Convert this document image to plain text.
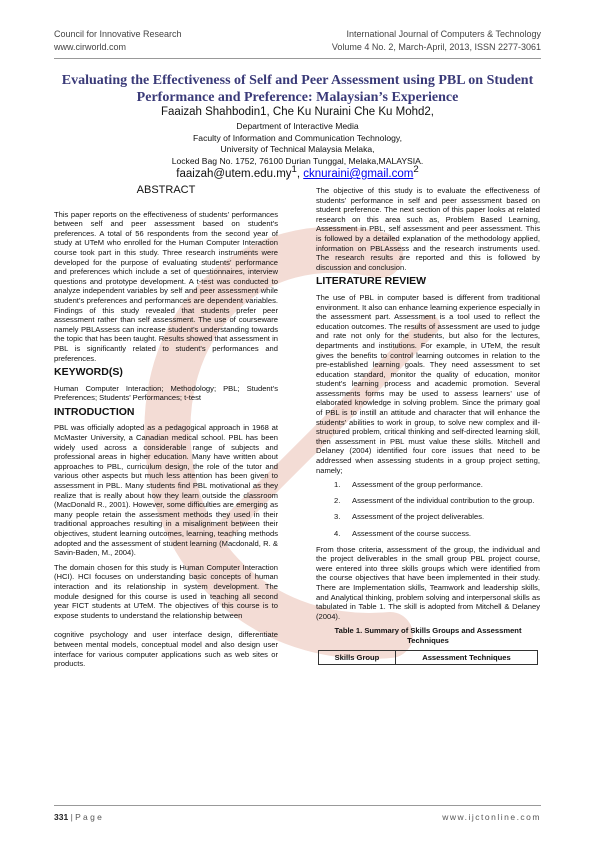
Council for Innovative Research
www.cirworld.com
International Journal of Computers & Technology
Volume 4 No. 2, March-April, 2013, ISSN 2277-3061
Evaluating the Effectiveness of Self and Peer Assessment using PBL on Student Performance and Preference: Malaysian’s Experience
Faaizah Shahbodin1, Che Ku Nuraini Che Ku Mohd2,
Department of Interactive Media
Faculty of Information and Communication Technology,
University of Technical Malaysia Melaka,
Locked Bag No. 1752, 76100 Durian Tunggal, Melaka,MALAYSIA.
$faaizah@utem.edu.my^1$, cknuraini@gmail.com$^2$
ABSTRACT

This paper reports on the effectiveness of students’ performances between self and peer assessment based on student's preferences. A total of 56 respondents from the second year of study at UTeM who enrolled for the Human Computer Interaction course took part in this study. Three research instruments were developed for the purpose of evaluating students’ performance and preferences which include a set of questionnaires, interview questions and prototype development. A t-test was conducted to analyze independent variables by self and peer assessment while student’s preferences and performances are dependent variables. Findings of this study revealed that students prefer peer assessment rather than self assessment. The use of courseware namely PBLAssess can increase student's understanding towards the topic that has been taught. Results showed that assessment in PBL is significantly related to student's performances and preferences.

KEYWORD(S)

Human Computer Interaction; Methodology; PBL; Student's Preferences; Students’ Performances; t-test

INTRODUCTION

PBL was officially adopted as a pedagogical approach in 1968 at McMaster University, a Canadian medical school. PBL has been widely used across a considerable range of subjects and professional areas in higher education. Many have written about approaches to PBL, curriculum design, the role of the tutor and various other aspects but much less attention has been given to assessment in PBL. Many students find PBL motivational as they realize that is really about how they learn outside the classroom (MacDonald R., 2001). However, some difficulties are emerging as many people retain the assessment methods they used in their traditional approaches resulting in a misalignment between their objectives, student learning outcomes, learning, teaching methods adopted and the assessment of student learning (Macdonald, R. & Savin-Baden, M., 2004).

The domain chosen for this study is Human Computer Interaction (HCI). HCI focuses on understanding basic concepts of human interaction and its relationship in system development. The module designed for this course is used in teaching all second year FICT students at UTeM. The objectives of this course is to expose students to understand the relationship between

cognitive psychology and user interface design, differentiate between mental models, conceptual model and also design user interface for various computer applications such as web sites or products.

The objective of this study is to evaluate the effectiveness of students’ performance in self and peer assessment based on student preference. The next section of this paper looks at related research on this area such as, Problem Based Learning, Assessment in PBL, self assessment and peer assessment. This is followed by a detailed explanation of the methodology applied, information on PBLAssess and the research instruments used. The research results are reported and this is followed by discussion and conclusion.

LITERATURE REVIEW

The use of PBL in computer based is different from traditional environment. It also can enhance learning experience especially in the assessment part. Assessment is a tool used to reflect the education outcomes. The results of assessment are used to judge and rate not only for the students, but also for the lectures, departments and institutions. For example, in UTeM, the result gives the benefits to control learning outcomes in relation to the pre-established learning goals. They need assessment to set education standard, monitor the quality of education, monitor student's learning process and academic promotion. Several assessments forms may be used to assess learners’ use of elaborated knowledge in solving problem. Since the primary goal of PBL is to instill an attitude and character that will enhance the students’ abilities to work in group, to solve new complex and ill-structured problem, critical thinking and self-directed learning skill, then assessment in PBL must value these skills. Mitchell and Delaney (2004) identified four core issues that need to be addressed when assessing students in a group project setting, namely;

1.	Assessment of the group performance.
2.	Assessment of the individual contribution to the group.
3.	Assessment of the project deliverables.
4.	Assessment of the course success.

From those criteria, assessment of the group, the individual and the project deliverables in the small group PBL project course, were entered into three skills groups which were identified from the course objectives that have been implemented in their study. There are Implementation skills, Teamwork and leadership skills, and Analytical thinking, problem solving and interpersonal skills as tabulated in Table 1. The skill is adopted from Mitchell & Delaney (2004).

Table 1. Summary of Skills Groups and Assessment Techniques
Skills Group	Assessment Techniques
331 | P a g e	www.ijctonline.com
